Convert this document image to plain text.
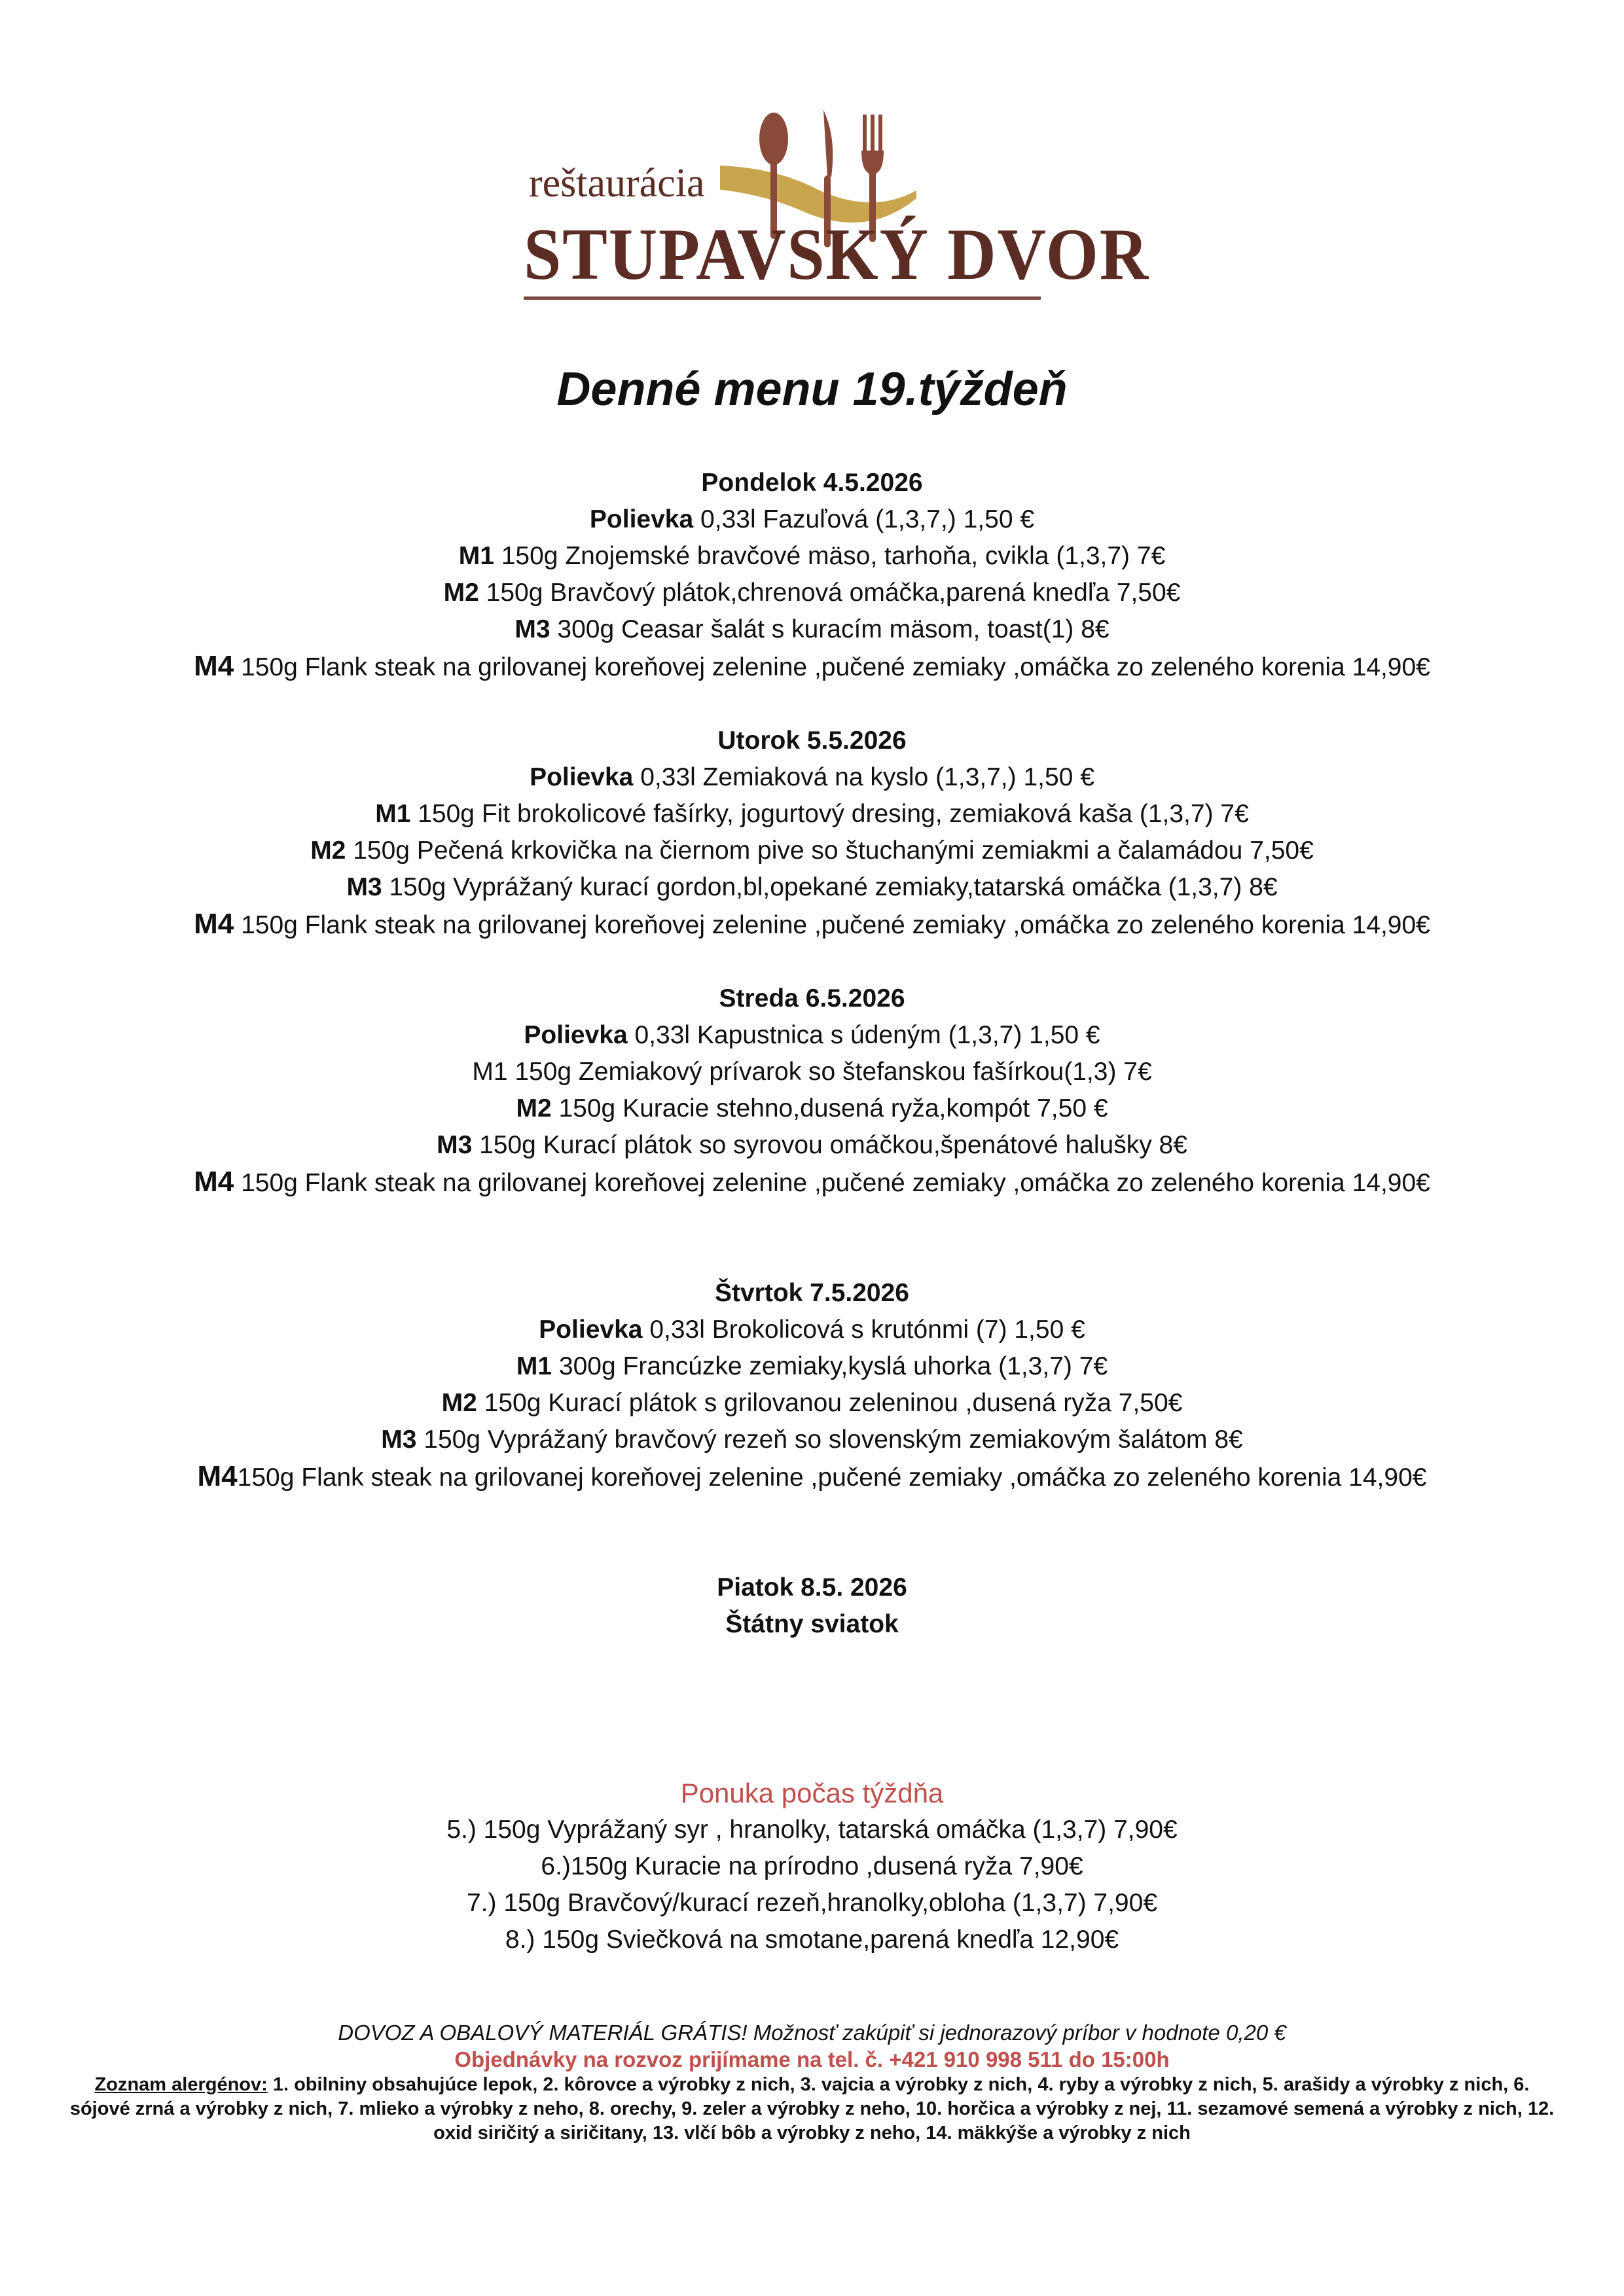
reštaurácia
STUPAVSKÝ DVOR
Denné menu 19.týždeň
Pondelok 4.5.2026
Polievka 0,33l Fazuľová (1,3,7,) 1,50 €
M1 150g Znojemské bravčové mäso, tarhoňa, cvikla (1,3,7) 7€
M2 150g Bravčový plátok,chrenová omáčka,parená knedľa 7,50€
M3 300g Ceasar šalát s kuracím mäsom, toast(1) 8€
M4 150g Flank steak na grilovanej koreňovej zelenine ,pučené zemiaky ,omáčka zo zeleného korenia 14,90€
Utorok 5.5.2026
Polievka 0,33l Zemiaková na kyslo (1,3,7,) 1,50 €
M1 150g Fit brokolicové fašírky, jogurtový dresing, zemiaková kaša (1,3,7) 7€
M2 150g Pečená krkovička na čiernom pive so štuchanými zemiakmi a čalamádou 7,50€
M3 150g Vyprážaný kurací gordon,bl,opekané zemiaky,tatarská omáčka (1,3,7) 8€
M4 150g Flank steak na grilovanej koreňovej zelenine ,pučené zemiaky ,omáčka zo zeleného korenia 14,90€
Streda 6.5.2026
Polievka 0,33l Kapustnica s údeným (1,3,7) 1,50 €
M1 150g Zemiakový prívarok so štefanskou fašírkou(1,3) 7€
M2 150g Kuracie stehno,dusená ryža,kompót 7,50 €
M3 150g Kurací plátok so syrovou omáčkou,špenátové halušky 8€
M4 150g Flank steak na grilovanej koreňovej zelenine ,pučené zemiaky ,omáčka zo zeleného korenia 14,90€
Štvrtok 7.5.2026
Polievka 0,33l Brokolicová s krutónmi (7) 1,50 €
M1 300g Francúzke zemiaky,kyslá uhorka (1,3,7) 7€
M2 150g Kurací plátok s grilovanou zeleninou ,dusená ryža 7,50€
M3 150g Vyprážaný bravčový rezeň so slovenským zemiakovým šalátom 8€
M4150g Flank steak na grilovanej koreňovej zelenine ,pučené zemiaky ,omáčka zo zeleného korenia 14,90€
Piatok 8.5. 2026
Štátny sviatok
Ponuka počas týždňa
5.) 150g Vyprážaný syr , hranolky, tatarská omáčka (1,3,7) 7,90€
6.)150g Kuracie na prírodno ,dusená ryža 7,90€
7.) 150g Bravčový/kurací rezeň,hranolky,obloha (1,3,7) 7,90€
8.) 150g Sviečková na smotane,parená knedľa 12,90€
DOVOZ A OBALOVÝ MATERIÁL GRÁTIS! Možnosť zakúpiť si jednorazový príbor v hodnote 0,20 €
Objednávky na rozvoz prijímame na tel. č. +421 910 998 511 do 15:00h
Zoznam alergénov: 1. obilniny obsahujúce lepok, 2. kôrovce a výrobky z nich, 3. vajcia a výrobky z nich, 4. ryby a výrobky z nich, 5. arašidy a výrobky z nich, 6. sójové zrná a výrobky z nich, 7. mlieko a výrobky z neho, 8. orechy, 9. zeler a výrobky z neho, 10. horčica a výrobky z nej, 11. sezamové semená a výrobky z nich, 12. oxid siričitý a siričitany, 13. vlčí bôb a výrobky z neho, 14. mäkkýše a výrobky z nich
